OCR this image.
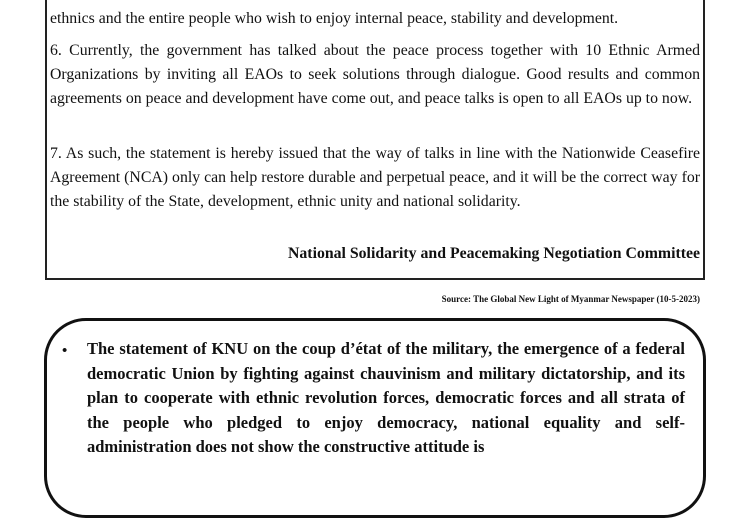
ethnics and the entire people who wish to enjoy internal peace, stability and development.

6. Currently, the government has talked about the peace process together with 10 Ethnic Armed Organizations by inviting all EAOs to seek solutions through dialogue. Good results and common agreements on peace and development have come out, and peace talks is open to all EAOs up to now.

7. As such, the statement is hereby issued that the way of talks in line with the Nationwide Ceasefire Agreement (NCA) only can help restore durable and perpetual peace, and it will be the correct way for the stability of the State, development, ethnic unity and national solidarity.

National Solidarity and Peacemaking Negotiation Committee
Source: The Global New Light of Myanmar Newspaper (10-5-2023)
• The statement of KNU on the coup d’état of the military, the emergence of a federal democratic Union by fighting against chauvinism and military dictatorship, and its plan to cooperate with ethnic revolution forces, democratic forces and all strata of the people who pledged to enjoy democracy, national equality and self-administration does not show the constructive attitude is
